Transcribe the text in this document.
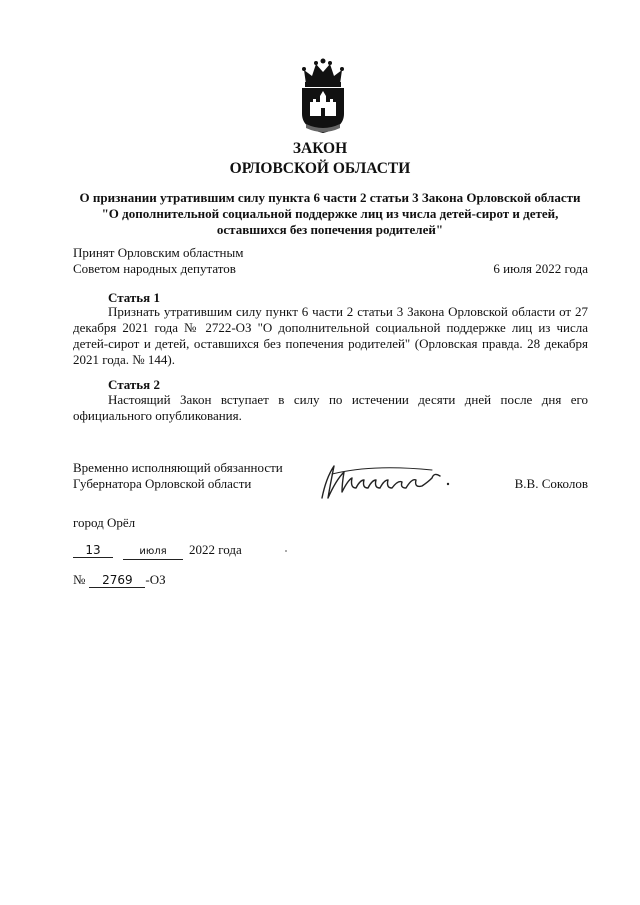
ЗАКОН
ОРЛОВСКОЙ ОБЛАСТИ
О признании утратившим силу пункта 6 части 2 статьи 3 Закона Орловской области
"О дополнительной социальной поддержке лиц из числа детей-сирот и детей,
оставшихся без попечения родителей"
Принят Орловским областным
Советом народных депутатов	6 июля 2022 года
Статья 1
Признать утратившим силу пункт 6 части 2 статьи 3 Закона Орловской области от 27 декабря 2021 года № 2722-ОЗ "О дополнительной социальной поддержке лиц из числа детей-сирот и детей, оставшихся без попечения родителей" (Орловская правда. 28 декабря 2021 года. № 144).
Статья 2
Настоящий Закон вступает в силу по истечении десяти дней после дня его официального опубликования.
Временно исполняющий обязанности
Губернатора Орловской области	В.В. Соколов
город Орёл
13	июля 2022 года
№ 2769 -ОЗ
